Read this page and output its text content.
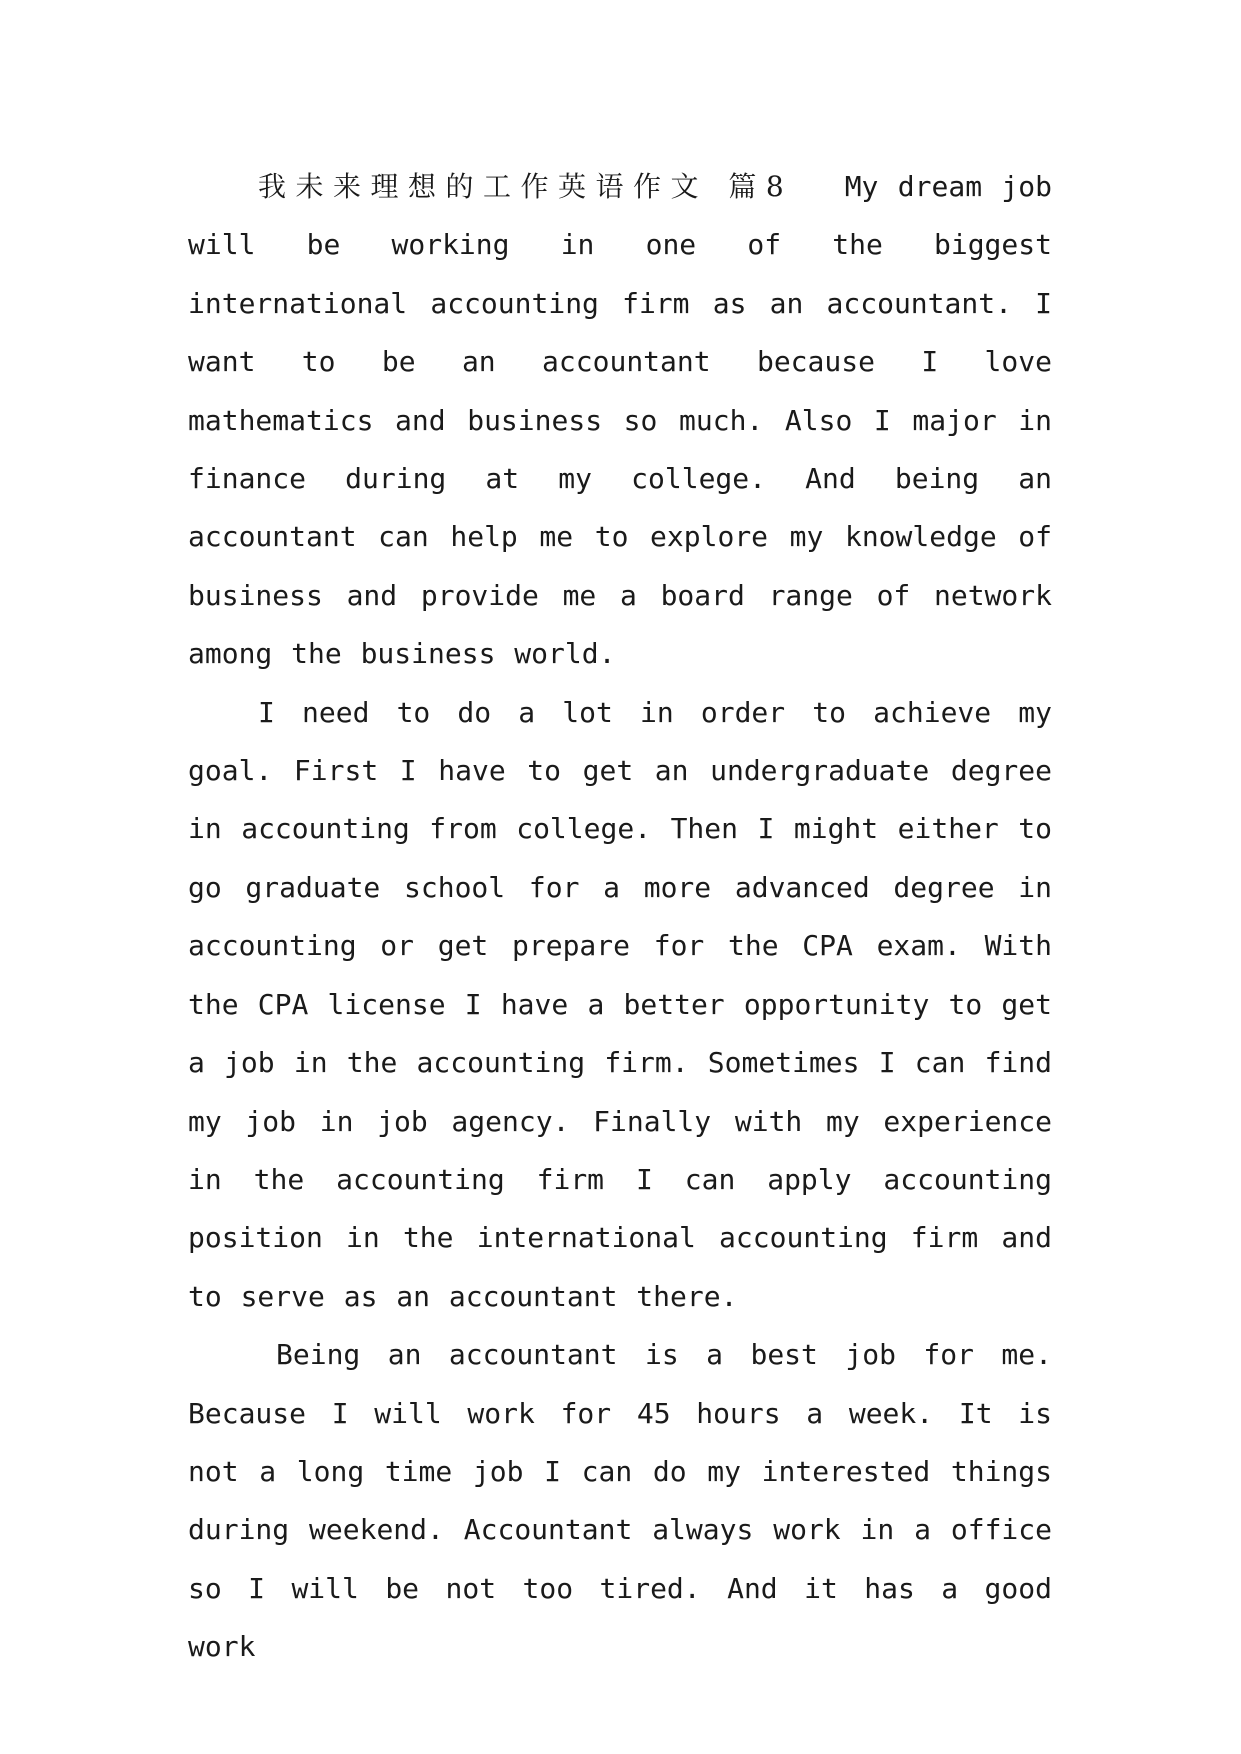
我未来理想的工作英语作文 篇8 My dream job will be working in one of the biggest international accounting firm as an accountant. I want to be an accountant because I love mathematics and business so much. Also I major in finance during at my college. And being an accountant can help me to explore my knowledge of business and provide me a board range of network among the business world.

I need to do a lot in order to achieve my goal. First I have to get an undergraduate degree in accounting from college. Then I might either to go graduate school for a more advanced degree in accounting or get prepare for the CPA exam. With the CPA license I have a better opportunity to get a job in the accounting firm. Sometimes I can find my job in job agency. Finally with my experience in the accounting firm I can apply accounting position in the international accounting firm and to serve as an accountant there.

Being an accountant is a best job for me. Because I will work for 45 hours a week. It is not a long time job I can do my interested things during weekend. Accountant always work in a office so I will be not too tired. And it has a good work
